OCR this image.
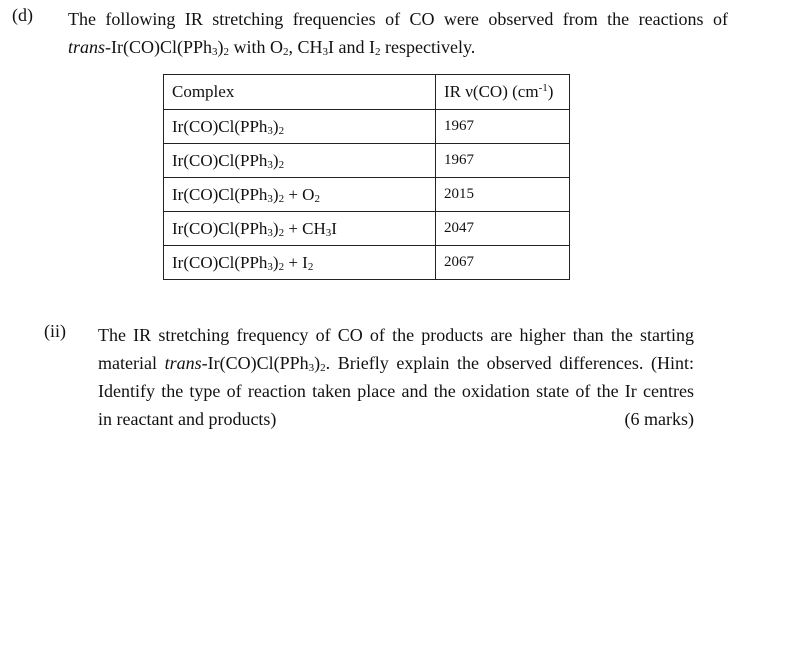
(d) The following IR stretching frequencies of CO were observed from the reactions of
trans-$Ir(CO)Cl(PPh_3)_2$ with $O_2$, $CH_3I$ and $I_2$ respectively.
Complex	IR ν(CO) $(cm^{-1})$
$Ir(CO)Cl(PPh_3)_2$	1967
$Ir(CO)Cl(PPh_3)_2$	1967
$Ir(CO)Cl(PPh_3)_2 + O_2$	2015
$Ir(CO)Cl(PPh_3)_2 + CH_3I$	2047
$Ir(CO)Cl(PPh_3)_2 + I_2$	2067
(ii) The IR stretching frequency of CO of the products are higher than the starting
material trans-$Ir(CO)Cl(PPh_3)_2$. Briefly explain the observed differences. (Hint:
Identify the type of reaction taken place and the oxidation state of the Ir centres
in reactant and products)	(6 marks)
